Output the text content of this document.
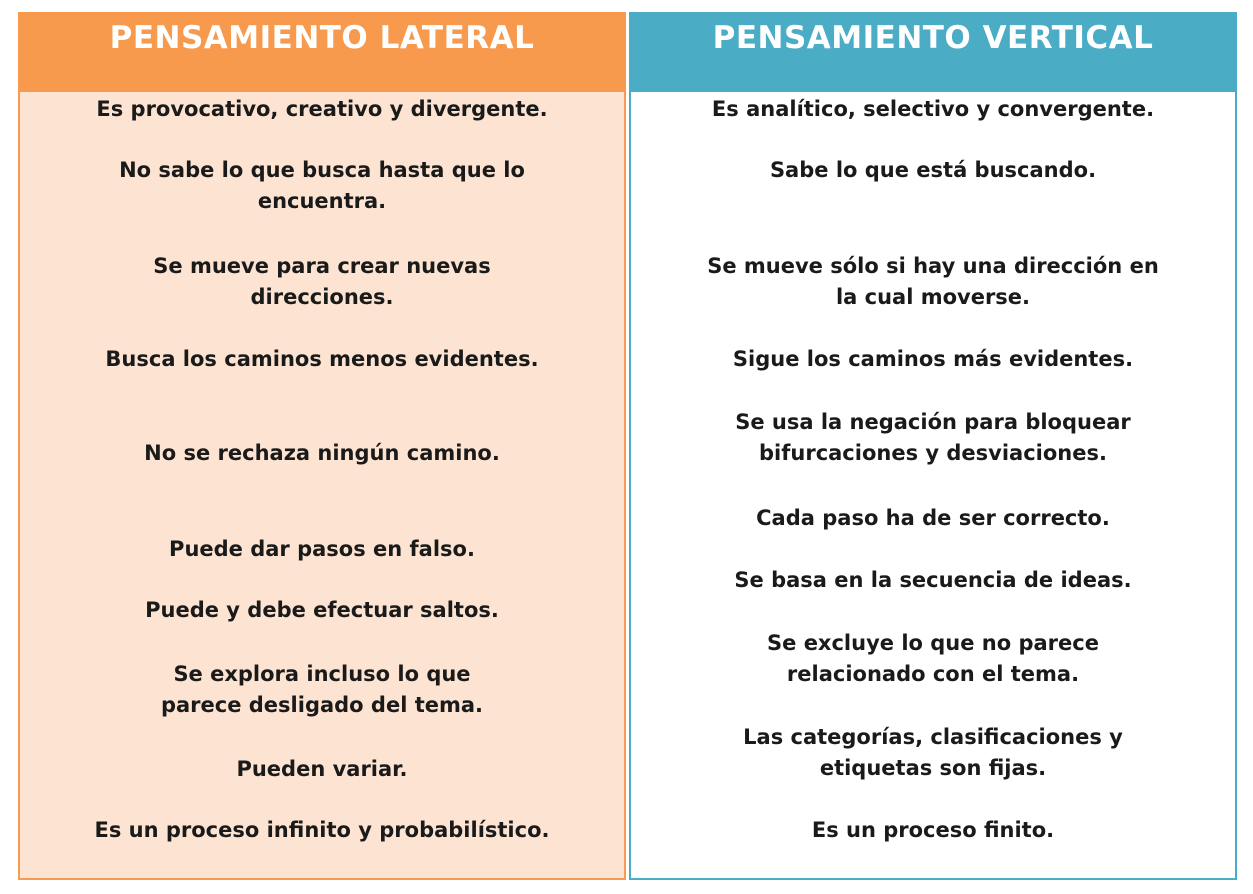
PENSAMIENTO LATERAL
Es provocativo, creativo y divergente.
No sabe lo que busca hasta que lo
encuentra.
Se mueve para crear nuevas
direcciones.
Busca los caminos menos evidentes.
No se rechaza ningún camino.
Puede dar pasos en falso.
Puede y debe efectuar saltos.
Se explora incluso lo que
parece desligado del tema.
Pueden variar.
Es un proceso infinito y probabilístico.
PENSAMIENTO VERTICAL
Es analítico, selectivo y convergente.
Sabe lo que está buscando.
Se mueve sólo si hay una dirección en
la cual moverse.
Sigue los caminos más evidentes.
Se usa la negación para bloquear
bifurcaciones y desviaciones.
Cada paso ha de ser correcto.
Se basa en la secuencia de ideas.
Se excluye lo que no parece
relacionado con el tema.
Las categorías, clasificaciones y
etiquetas son fijas.
Es un proceso finito.
